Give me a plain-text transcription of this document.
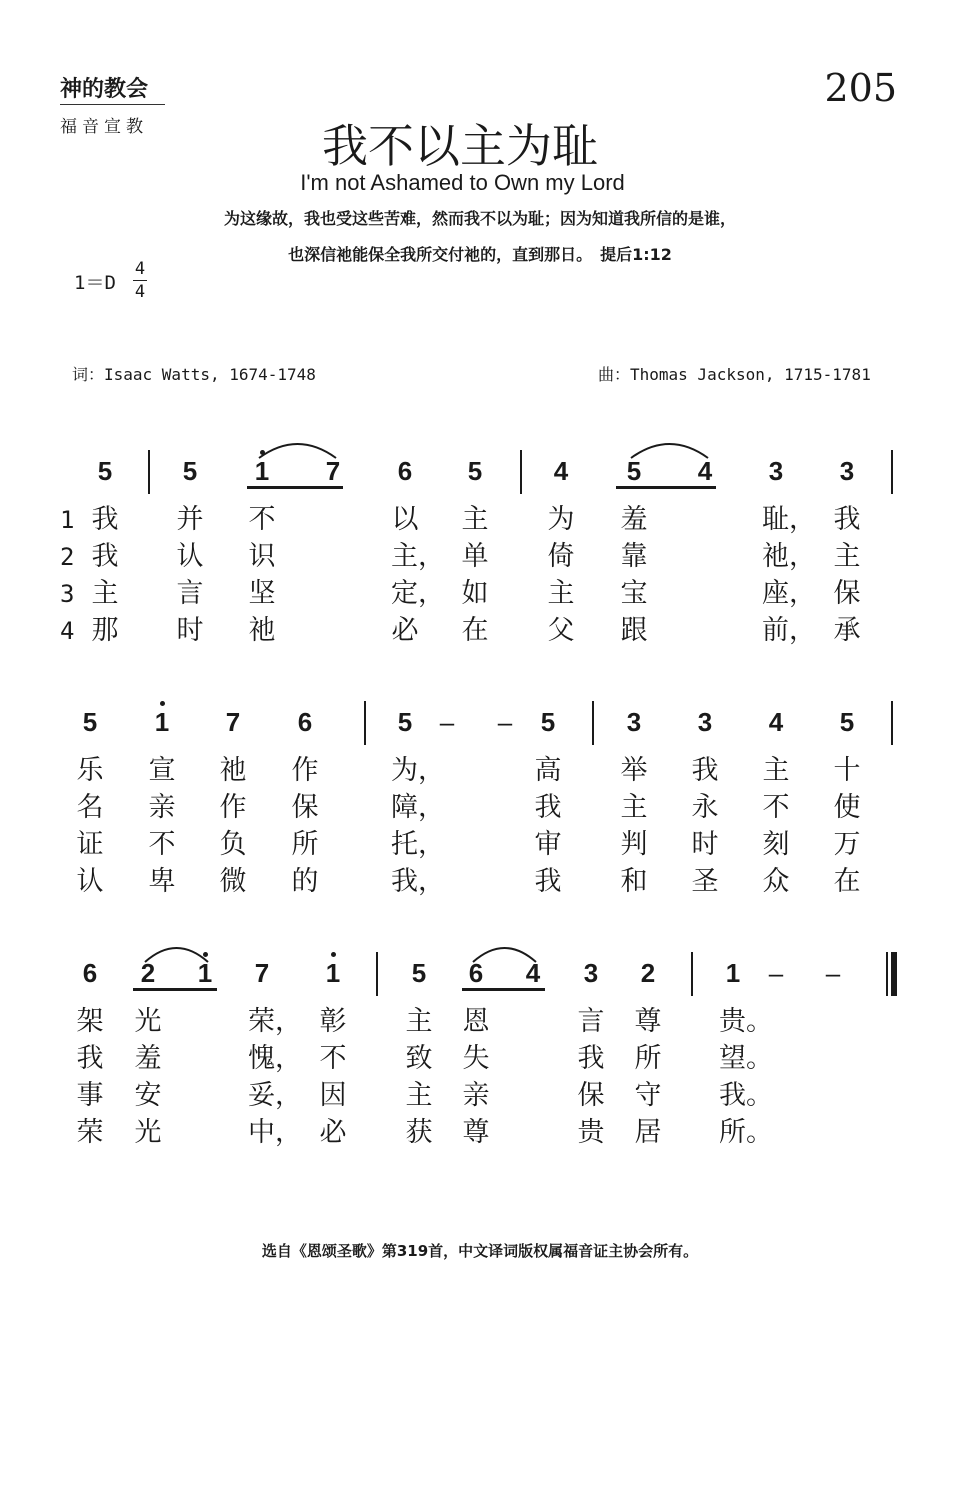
神的教会
福音宣教
205
我不以主为耻
I'm not Ashamed to Own my Lord
为这缘故，我也受这些苦难，然而我不以为耻；因为知道我所信的是谁，
也深信祂能保全我所交付祂的，直到那日。　提后1:12
1＝D
4
4
词：Isaac Watts, 1674-1748	曲：Thomas Jackson, 1715-1781
5	5	1	7	6	5	4	5	4	3	3
1 我 并 不	以 主 为 羞	耻， 我
2 我 认 识	主， 单 倚 靠	祂， 主
3 主 言 坚	定， 如 主 宝	座， 保
4 那 时 祂	必 在 父 跟	前， 承
5	1	7	6	5	–	–	5	3	3	4	5
乐 宣 祂 作	为，	高 举 我 主 十
名 亲 作 保	障，	我 主 永 不 使
证 不 负 所	托，	审 判 时 刻 万
认 卑 微 的	我，	我 和 圣 众 在
6	2	1	7	1	5	6	4	3	2	1	–	–
架 光	荣， 彰 主 恩	言 尊 贵。
我 羞	愧， 不 致 失	我 所 望。
事 安	妥， 因 主 亲	保 守 我。
荣 光	中， 必 获 尊	贵 居 所。
选自《恩颂圣歌》第319首，中文译词版权属福音证主协会所有。
